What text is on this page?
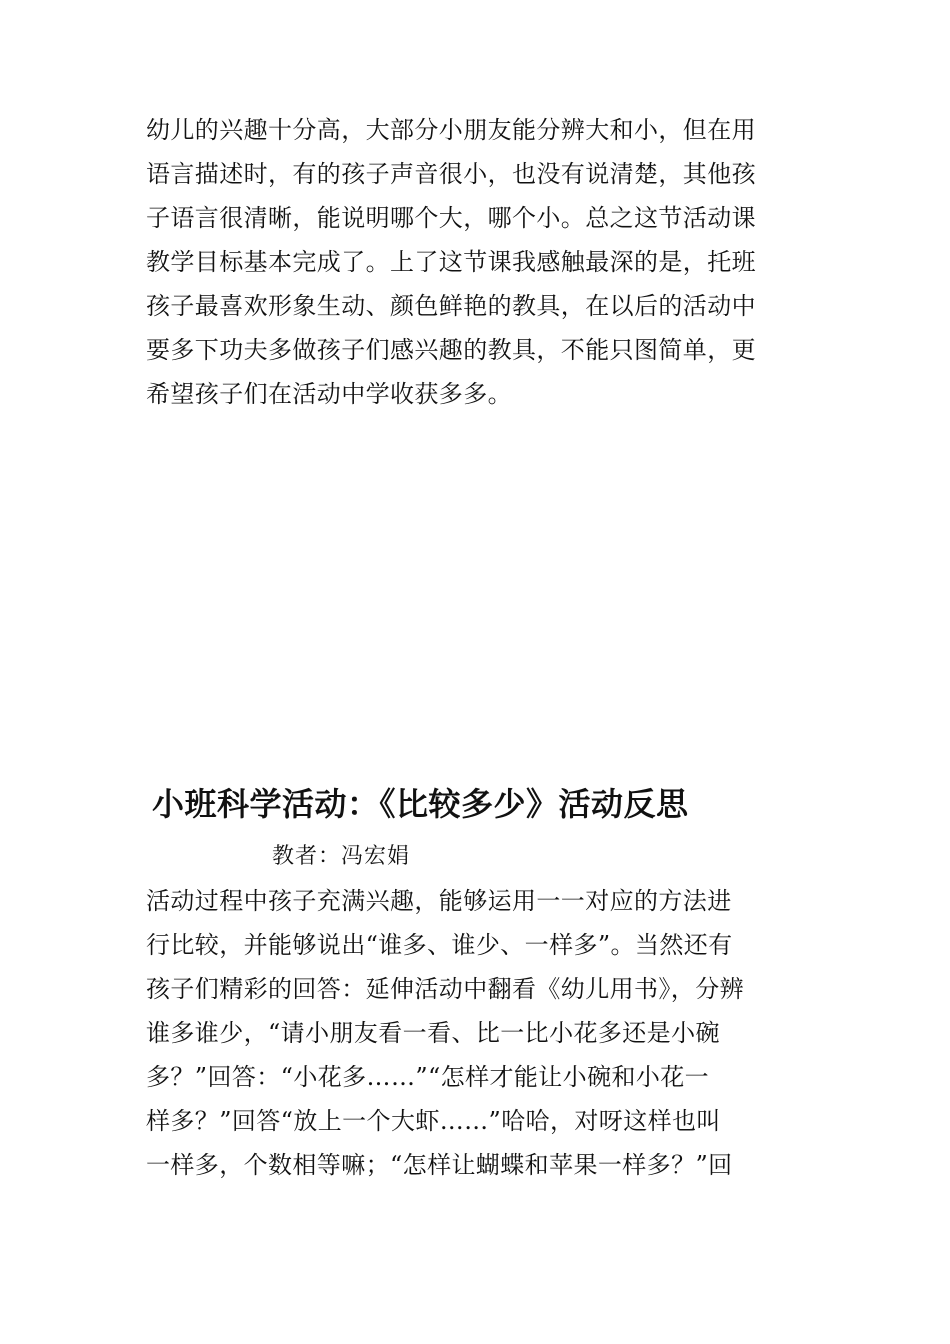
幼儿的兴趣十分高，大部分小朋友能分辨大和小，但在用
语言描述时，有的孩子声音很小，也没有说清楚，其他孩
子语言很清晰，能说明哪个大，哪个小。总之这节活动课
教学目标基本完成了。上了这节课我感触最深的是，托班
孩子最喜欢形象生动、颜色鲜艳的教具，在以后的活动中
要多下功夫多做孩子们感兴趣的教具，不能只图简单，更
希望孩子们在活动中学收获多多。
小班科学活动：《比较多少》活动反思
教者：冯宏娟
活动过程中孩子充满兴趣，能够运用一一对应的方法进
行比较，并能够说出“谁多、谁少、一样多”。当然还有
孩子们精彩的回答：延伸活动中翻看《幼儿用书》，分辨
谁多谁少，“请小朋友看一看、比一比小花多还是小碗
多？”回答：“小花多……”“怎样才能让小碗和小花一
样多？”回答“放上一个大虾……”哈哈，对呀这样也叫
一样多，个数相等嘛；“怎样让蝴蝶和苹果一样多？”回
